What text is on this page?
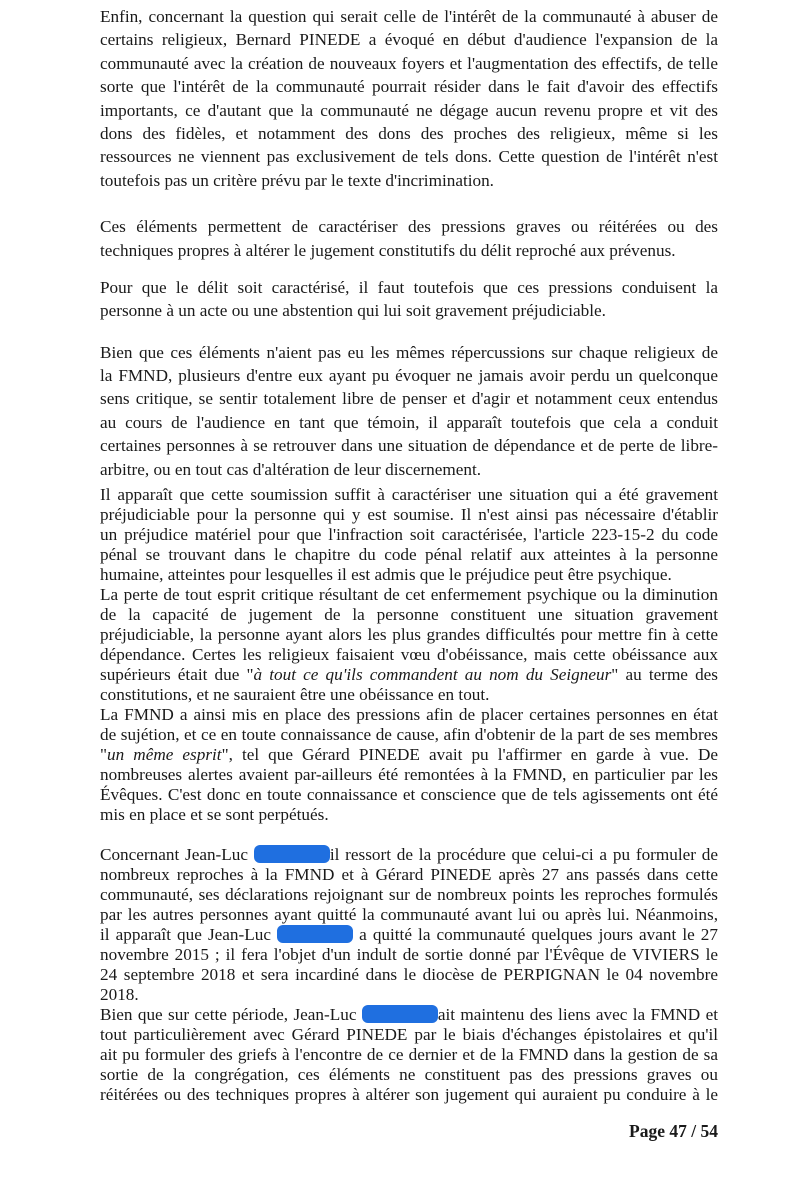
Enfin, concernant la question qui serait celle de l'intérêt de la communauté à abuser de
certains religieux, Bernard PINEDE a évoqué en début d'audience l'expansion de la
communauté avec la création de nouveaux foyers et l'augmentation des effectifs, de telle
sorte que l'intérêt de la communauté pourrait résider dans le fait d'avoir des effectifs
importants, ce d'autant que la communauté ne dégage aucun revenu propre et vit des
dons des fidèles, et notamment des dons des proches des religieux, même si les
ressources ne viennent pas exclusivement de tels dons. Cette question de l'intérêt n'est
toutefois pas un critère prévu par le texte d'incrimination.
Ces éléments permettent de caractériser des pressions graves ou réitérées ou des
techniques propres à altérer le jugement constitutifs du délit reproché aux prévenus.
Pour que le délit soit caractérisé, il faut toutefois que ces pressions conduisent la
personne à un acte ou une abstention qui lui soit gravement préjudiciable.
Bien que ces éléments n'aient pas eu les mêmes répercussions sur chaque religieux de
la FMND, plusieurs d'entre eux ayant pu évoquer ne jamais avoir perdu un quelconque
sens critique, se sentir totalement libre de penser et d'agir et notamment ceux entendus
au cours de l'audience en tant que témoin, il apparaît toutefois que cela a conduit
certaines personnes à se retrouver dans une situation de dépendance et de perte de libre-
arbitre, ou en tout cas d'altération de leur discernement.
Il apparaît que cette soumission suffit à caractériser une situation qui a été gravement
préjudiciable pour la personne qui y est soumise. Il n'est ainsi pas nécessaire d'établir
un préjudice matériel pour que l'infraction soit caractérisée, l'article 223-15-2 du code
pénal se trouvant dans le chapitre du code pénal relatif aux atteintes à la personne
humaine, atteintes pour lesquelles il est admis que le préjudice peut être psychique.
La perte de tout esprit critique résultant de cet enfermement psychique ou la diminution
de la capacité de jugement de la personne constituent une situation gravement
préjudiciable, la personne ayant alors les plus grandes difficultés pour mettre fin à cette
dépendance. Certes les religieux faisaient vœu d'obéissance, mais cette obéissance aux
supérieurs était due "à tout ce qu'ils commandent au nom du Seigneur" au terme des
constitutions, et ne sauraient être une obéissance en tout.
La FMND a ainsi mis en place des pressions afin de placer certaines personnes en état
de sujétion, et ce en toute connaissance de cause, afin d'obtenir de la part de ses membres
"un même esprit", tel que Gérard PINEDE avait pu l'affirmer en garde à vue. De
nombreuses alertes avaient par-ailleurs été remontées à la FMND, en particulier par les
Évêques. C'est donc en toute connaissance et conscience que de tels agissements ont été
mis en place et se sont perpétués.
Concernant Jean-Luc	il ressort de la procédure que celui-ci a pu formuler de
nombreux reproches à la FMND et à Gérard PINEDE après 27 ans passés dans cette
communauté, ses déclarations rejoignant sur de nombreux points les reproches formulés
par les autres personnes ayant quitté la communauté avant lui ou après lui. Néanmoins,
il apparaît que Jean-Luc	a quitté la communauté quelques jours avant le 27
novembre 2015 ; il fera l'objet d'un indult de sortie donné par l'Évêque de VIVIERS le
24 septembre 2018 et sera incardiné dans le diocèse de PERPIGNAN le 04 novembre
2018.
Bien que sur cette période, Jean-Luc	ait maintenu des liens avec la FMND et
tout particulièrement avec Gérard PINEDE par le biais d'échanges épistolaires et qu'il
ait pu formuler des griefs à l'encontre de ce dernier et de la FMND dans la gestion de sa
sortie de la congrégation, ces éléments ne constituent pas des pressions graves ou
réitérées ou des techniques propres à altérer son jugement qui auraient pu conduire à le
Page 47 / 54
